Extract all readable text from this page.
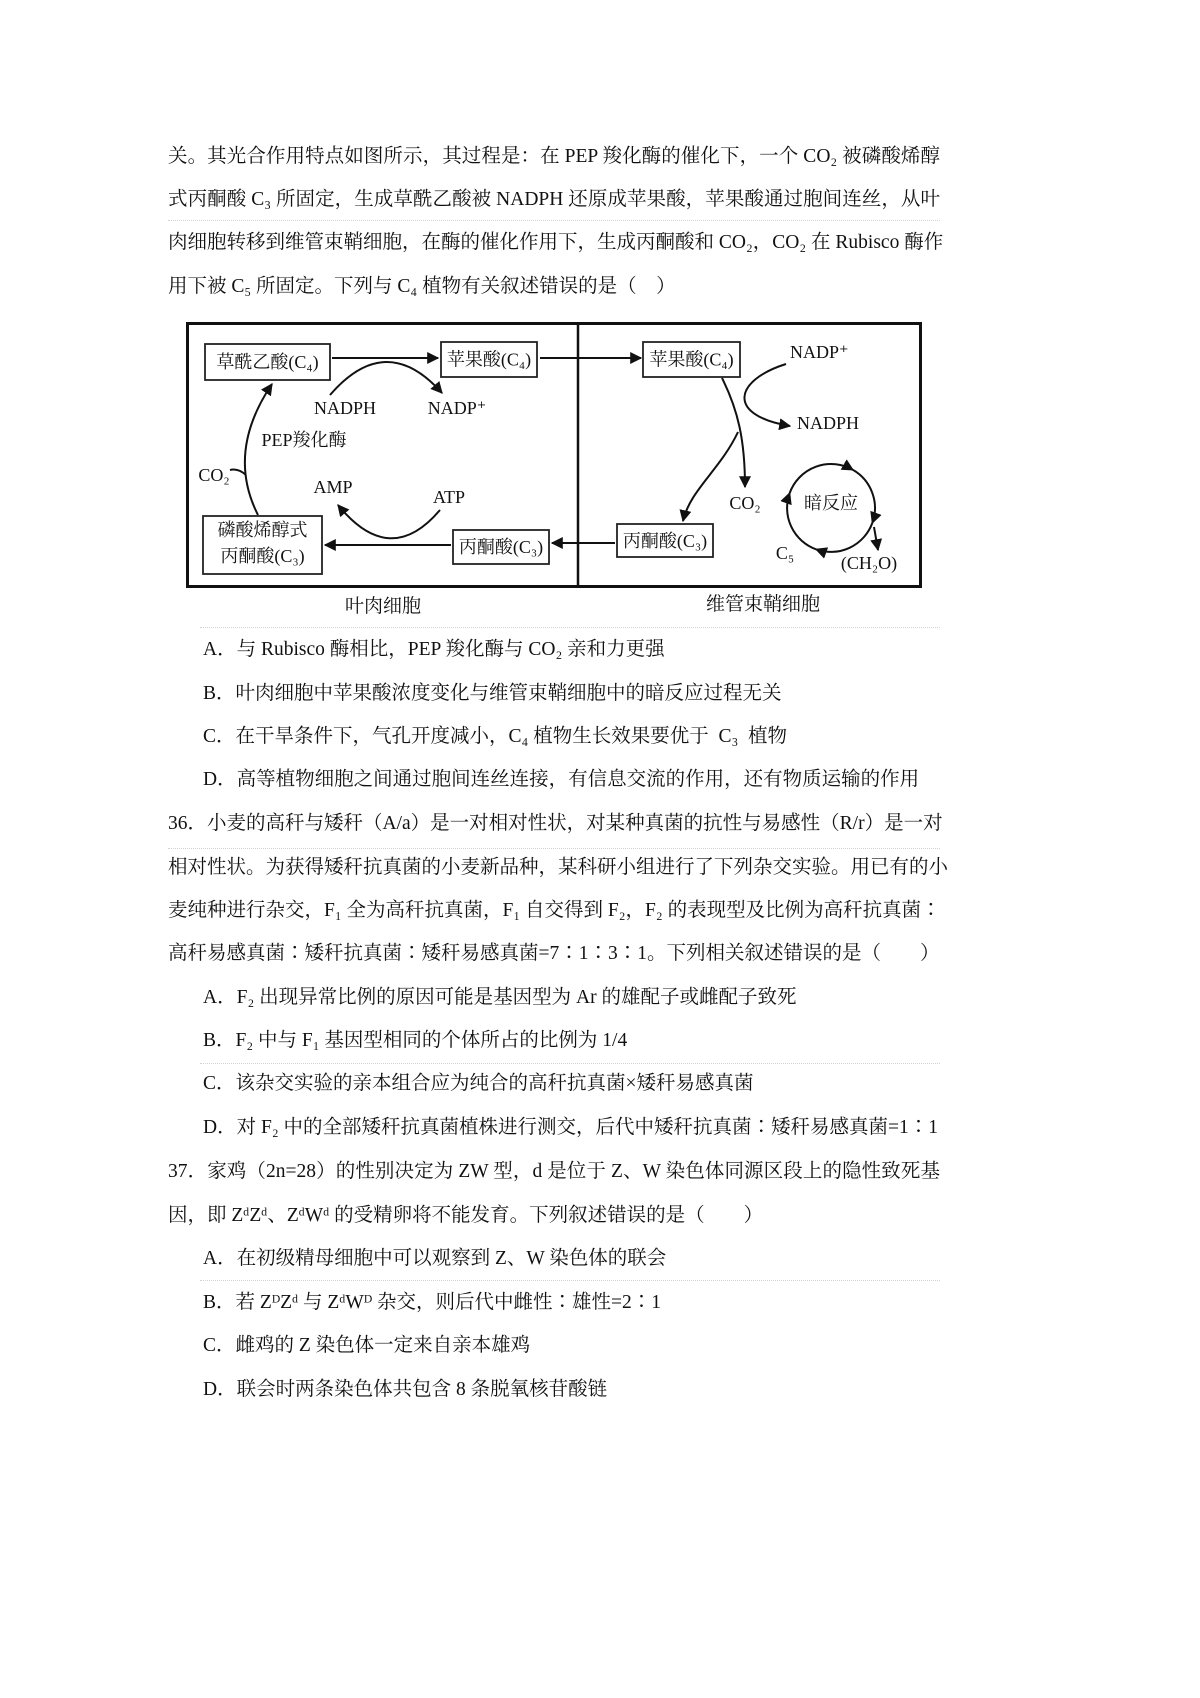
关。其光合作用特点如图所示，其过程是：在 PEP 羧化酶的催化下，一个 CO₂ 被磷酸烯醇
式丙酮酸 C₃ 所固定，生成草酰乙酸被 NADPH 还原成苹果酸，苹果酸通过胞间连丝，从叶
肉细胞转移到维管束鞘细胞，在酶的催化作用下，生成丙酮酸和 CO₂，CO₂ 在 Rubisco 酶作
用下被 C₅ 所固定。下列与 C₄ 植物有关叙述错误的是（　）
草酰乙酸(C₄)	苹果酸(C₄)
NADPH	NADP⁺
PEP羧化酶
CO₂
AMP	ATP
磷酸烯醇式
丙酮酸(C₃)	丙酮酸(C₃)
苹果酸(C₄)	NADP⁺
NADPH
CO₂ 暗反应
C₅	(CH₂O)
丙酮酸(C₃)
叶肉细胞	维管束鞘细胞
A．与 Rubisco 酶相比，PEP 羧化酶与 CO₂ 亲和力更强
B．叶肉细胞中苹果酸浓度变化与维管束鞘细胞中的暗反应过程无关
C．在干旱条件下，气孔开度减小，C₄ 植物生长效果要优于  C₃  植物
D．高等植物细胞之间通过胞间连丝连接，有信息交流的作用，还有物质运输的作用
36．小麦的高秆与矮秆（A/a）是一对相对性状，对某种真菌的抗性与易感性（R/r）是一对
相对性状。为获得矮秆抗真菌的小麦新品种，某科研小组进行了下列杂交实验。用已有的小
麦纯种进行杂交，F₁ 全为高秆抗真菌，F₁ 自交得到 F₂，F₂ 的表现型及比例为高秆抗真菌∶
高秆易感真菌∶矮秆抗真菌∶矮秆易感真菌=7∶1∶3∶1。下列相关叙述错误的是（　　）
A．F₂ 出现异常比例的原因可能是基因型为 Ar 的雄配子或雌配子致死
B．F₂ 中与 F₁ 基因型相同的个体所占的比例为 1/4
C．该杂交实验的亲本组合应为纯合的高秆抗真菌×矮秆易感真菌
D．对 F₂ 中的全部矮秆抗真菌植株进行测交，后代中矮秆抗真菌∶矮秆易感真菌=1∶1
37．家鸡（2n=28）的性别决定为 ZW 型，d 是位于 Z、W 染色体同源区段上的隐性致死基
因，即 ZᵈZᵈ、ZᵈWᵈ 的受精卵将不能发育。下列叙述错误的是（　　）
A．在初级精母细胞中可以观察到 Z、W 染色体的联会
B．若 ZᴰZᵈ 与 ZᵈWᴰ 杂交，则后代中雌性∶雄性=2∶1
C．雌鸡的 Z 染色体一定来自亲本雄鸡
D．联会时两条染色体共包含 8 条脱氧核苷酸链
